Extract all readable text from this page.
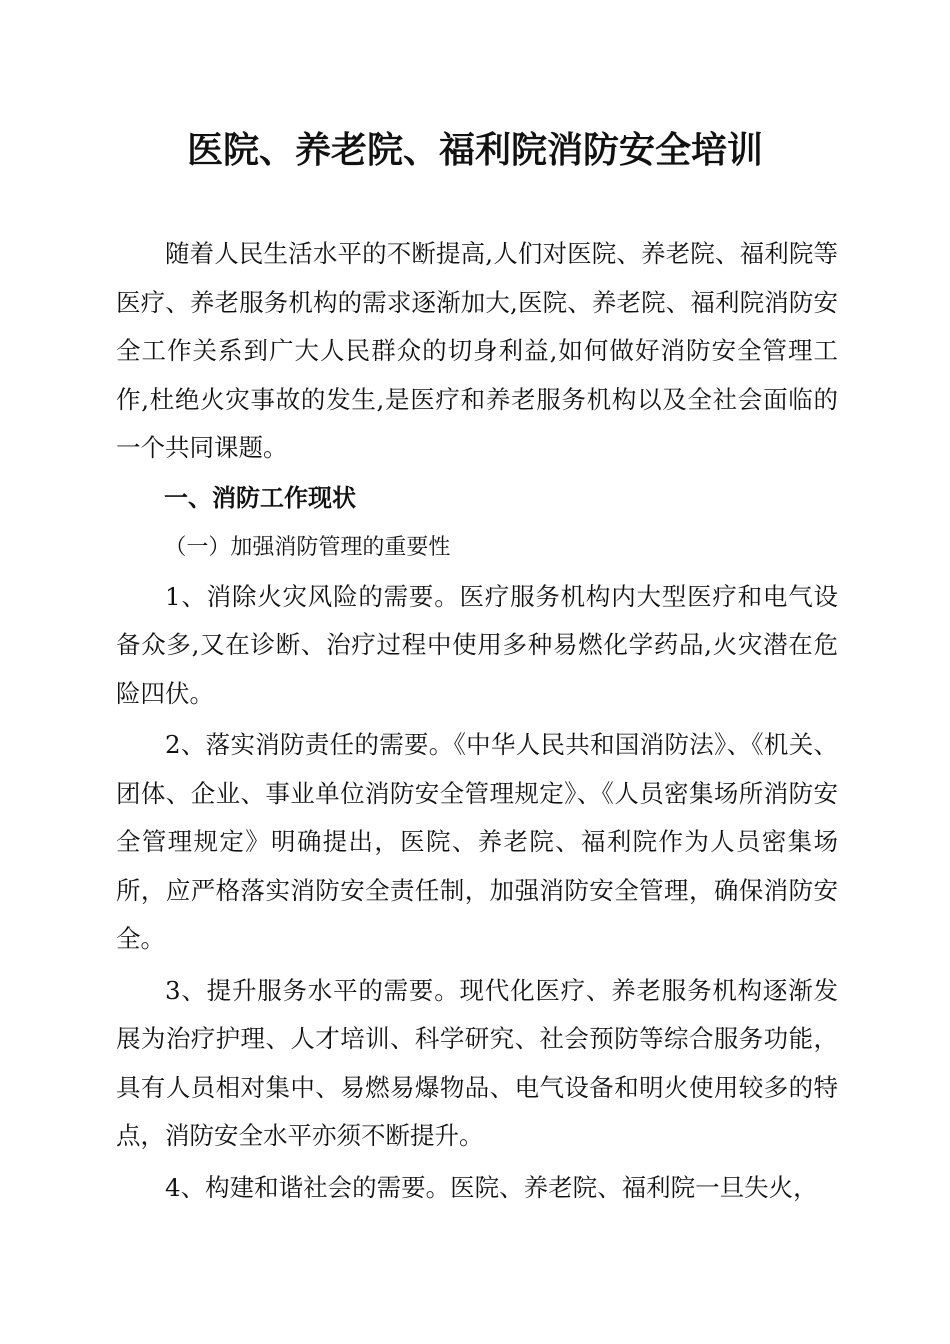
医院、养老院、福利院消防安全培训

随着人民生活水平的不断提高,人们对医院、养老院、福利院等医疗、养老服务机构的需求逐渐加大,医院、养老院、福利院消防安全工作关系到广大人民群众的切身利益,如何做好消防安全管理工作,杜绝火灾事故的发生,是医疗和养老服务机构以及全社会面临的一个共同课题。

一、消防工作现状

（一）加强消防管理的重要性

1、消除火灾风险的需要。医疗服务机构内大型医疗和电气设备众多,又在诊断、治疗过程中使用多种易燃化学药品,火灾潜在危险四伏。

2、落实消防责任的需要。《中华人民共和国消防法》、《机关、团体、企业、事业单位消防安全管理规定》、《人员密集场所消防安全管理规定》明确提出，医院、养老院、福利院作为人员密集场所，应严格落实消防安全责任制，加强消防安全管理，确保消防安全。

3、提升服务水平的需要。现代化医疗、养老服务机构逐渐发展为治疗护理、人才培训、科学研究、社会预防等综合服务功能，具有人员相对集中、易燃易爆物品、电气设备和明火使用较多的特点，消防安全水平亦须不断提升。

4、构建和谐社会的需要。医院、养老院、福利院一旦失火，
